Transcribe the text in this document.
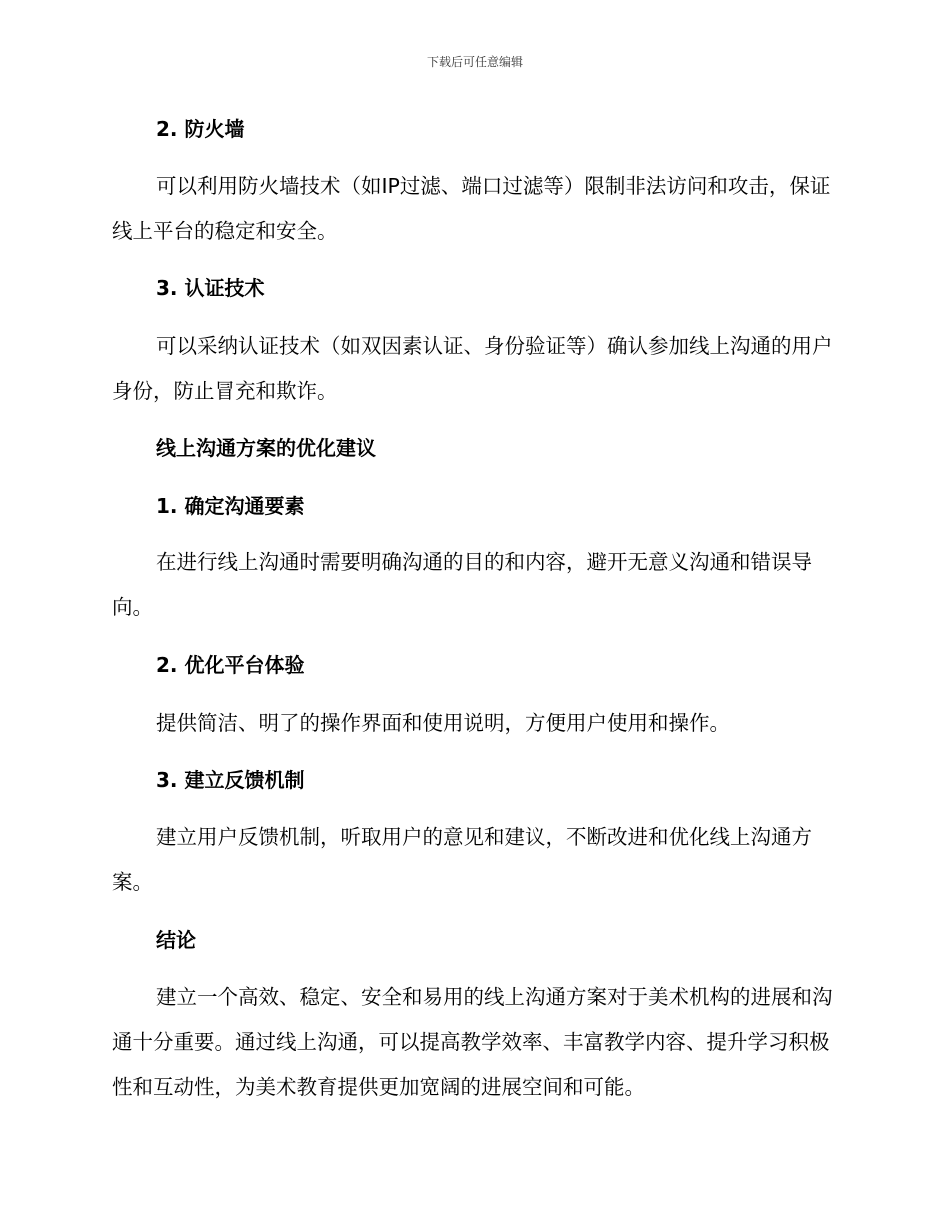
下载后可任意编辑
2. 防火墙

可以利用防火墙技术（如IP过滤、端口过滤等）限制非法访问和攻击，保证线上平台的稳定和安全。

3. 认证技术

可以采纳认证技术（如双因素认证、身份验证等）确认参加线上沟通的用户身份，防止冒充和欺诈。

线上沟通方案的优化建议
1. 确定沟通要素

在进行线上沟通时需要明确沟通的目的和内容，避开无意义沟通和错误导向。

2. 优化平台体验

提供简洁、明了的操作界面和使用说明，方便用户使用和操作。

3. 建立反馈机制

建立用户反馈机制，听取用户的意见和建议，不断改进和优化线上沟通方案。

结论

建立一个高效、稳定、安全和易用的线上沟通方案对于美术机构的进展和沟通十分重要。通过线上沟通，可以提高教学效率、丰富教学内容、提升学习积极性和互动性，为美术教育提供更加宽阔的进展空间和可能。
